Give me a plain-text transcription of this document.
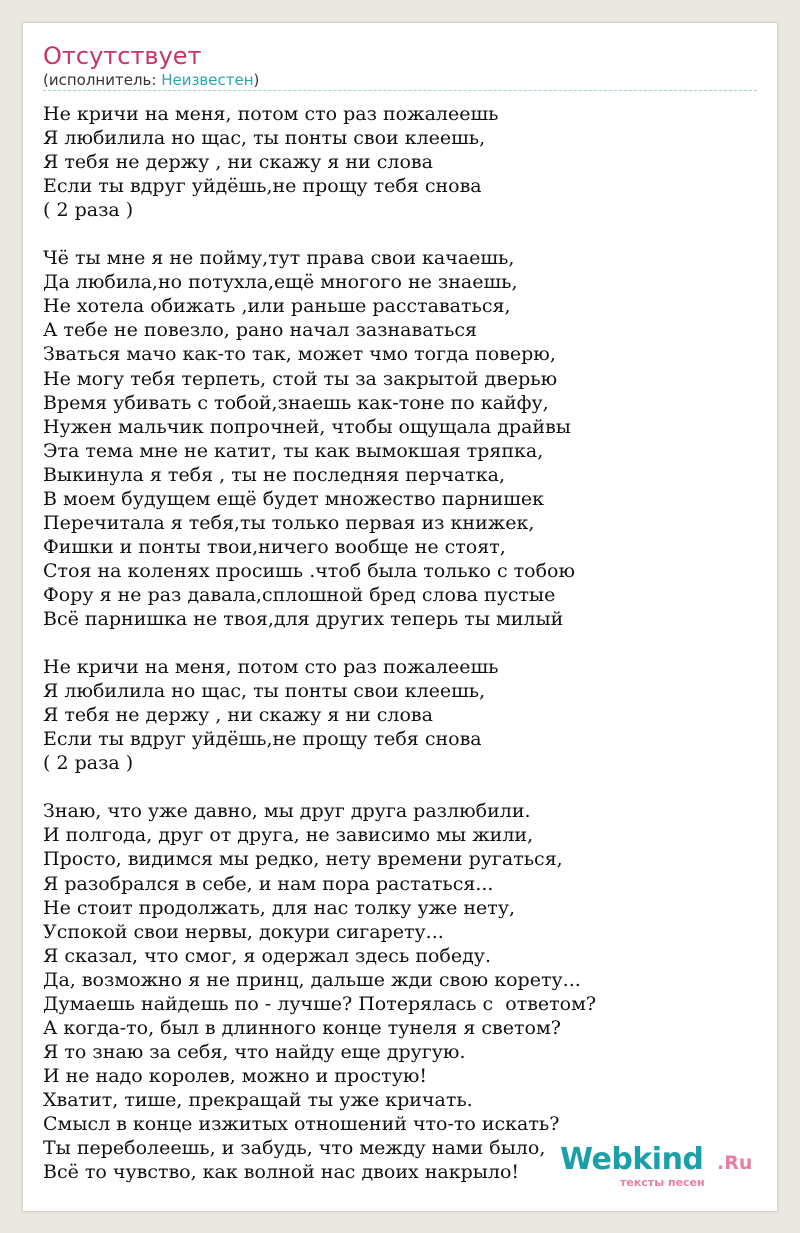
Отсутствует
(исполнитель: Неизвестен)
Не кричи на меня, потом сто раз пожалеешь
Я любилила но щас, ты понты свои клеешь,
Я тебя не держу , ни скажу я ни слова
Если ты вдруг уйдёшь,не прощу тебя снова
( 2 раза )

Чё ты мне я не пойму,тут права свои качаешь,
Да любила,но потухла,ещё многого не знаешь,
Не хотела обижать ,или раньше расставаться,
А тебе не повезло, рано начал зазнаваться
Зваться мачо как-то так, может чмо тогда поверю,
Не могу тебя терпеть, стой ты за закрытой дверью
Время убивать с тобой,знаешь как-тоне по кайфу,
Нужен мальчик попрочней, чтобы ощущала драйвы
Эта тема мне не катит, ты как вымокшая тряпка,
Выкинула я тебя , ты не последняя перчатка,
В моем будущем ещё будет множество парнишек
Перечитала я тебя,ты только первая из книжек,
Фишки и понты твои,ничего вообще не стоят,
Стоя на коленях просишь .чтоб была только с тобою
Фору я не раз давала,сплошной бред слова пустые
Всё парнишка не твоя,для других теперь ты милый

Не кричи на меня, потом сто раз пожалеешь
Я любилила но щас, ты понты свои клеешь,
Я тебя не держу , ни скажу я ни слова
Если ты вдруг уйдёшь,не прощу тебя снова
( 2 раза )

Знаю, что уже давно, мы друг друга разлюбили.
И полгода, друг от друга, не зависимо мы жили,
Просто, видимся мы редко, нету времени ругаться,
Я разобрался в себе, и нам пора растаться...
Не стоит продолжать, для нас толку уже нету,
Успокой свои нервы, докури сигарету...
Я сказал, что смог, я одержал здесь победу.
Да, возможно я не принц, дальше жди свою корету...
Думаешь найдешь по - лучше? Потерялась с  ответом?
А когда-то, был в длинного конце тунеля я светом?
Я то знаю за себя, что найду еще другую.
И не надо королев, можно и простую!
Хватит, тише, прекращай ты уже кричать.
Смысл в конце изжитых отношений что-то искать?
Ты переболеешь, и забудь, что между нами было,
Всё то чувство, как волной нас двоих накрыло!	Webkind .Ru
тексты песен
